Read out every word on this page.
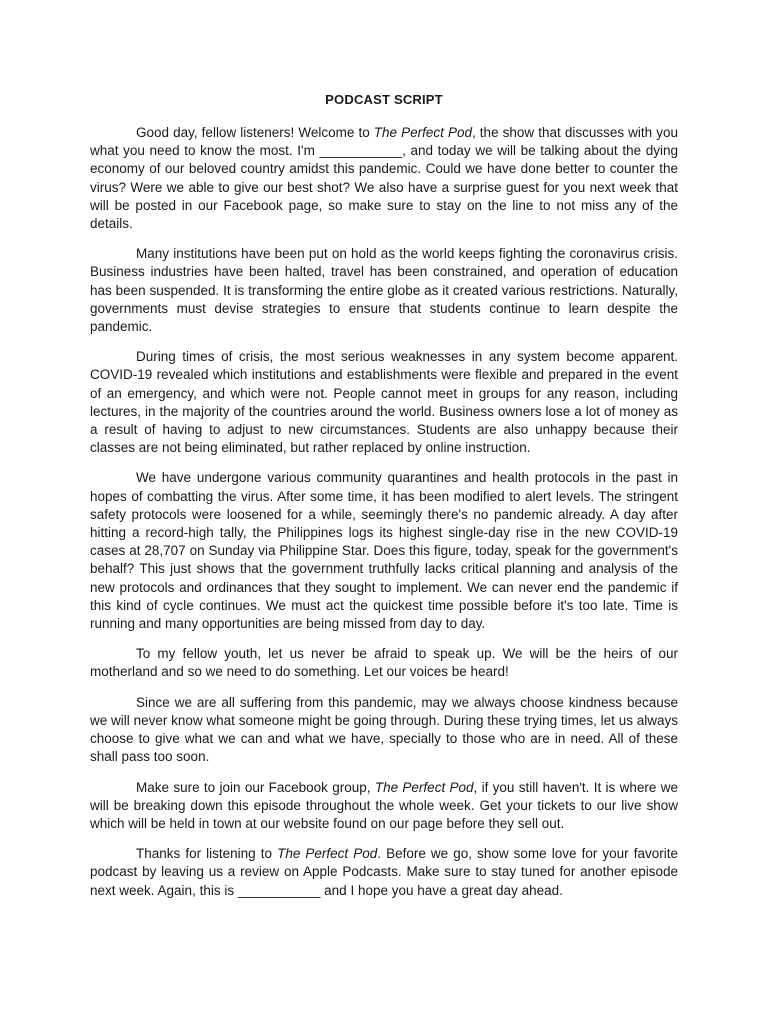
PODCAST SCRIPT

Good day, fellow listeners! Welcome to The Perfect Pod, the show that discusses with you what you need to know the most. I'm ___________, and today we will be talking about the dying economy of our beloved country amidst this pandemic. Could we have done better to counter the virus? Were we able to give our best shot? We also have a surprise guest for you next week that will be posted in our Facebook page, so make sure to stay on the line to not miss any of the details.

Many institutions have been put on hold as the world keeps fighting the coronavirus crisis. Business industries have been halted, travel has been constrained, and operation of education has been suspended. It is transforming the entire globe as it created various restrictions. Naturally, governments must devise strategies to ensure that students continue to learn despite the pandemic.

During times of crisis, the most serious weaknesses in any system become apparent. COVID-19 revealed which institutions and establishments were flexible and prepared in the event of an emergency, and which were not. People cannot meet in groups for any reason, including lectures, in the majority of the countries around the world. Business owners lose a lot of money as a result of having to adjust to new circumstances. Students are also unhappy because their classes are not being eliminated, but rather replaced by online instruction.

We have undergone various community quarantines and health protocols in the past in hopes of combatting the virus. After some time, it has been modified to alert levels. The stringent safety protocols were loosened for a while, seemingly there's no pandemic already. A day after hitting a record-high tally, the Philippines logs its highest single-day rise in the new COVID-19 cases at 28,707 on Sunday via Philippine Star. Does this figure, today, speak for the government's behalf? This just shows that the government truthfully lacks critical planning and analysis of the new protocols and ordinances that they sought to implement. We can never end the pandemic if this kind of cycle continues. We must act the quickest time possible before it's too late. Time is running and many opportunities are being missed from day to day.

To my fellow youth, let us never be afraid to speak up. We will be the heirs of our motherland and so we need to do something. Let our voices be heard!

Since we are all suffering from this pandemic, may we always choose kindness because we will never know what someone might be going through. During these trying times, let us always choose to give what we can and what we have, specially to those who are in need. All of these shall pass too soon.

Make sure to join our Facebook group, The Perfect Pod, if you still haven't. It is where we will be breaking down this episode throughout the whole week. Get your tickets to our live show which will be held in town at our website found on our page before they sell out.

Thanks for listening to The Perfect Pod. Before we go, show some love for your favorite podcast by leaving us a review on Apple Podcasts. Make sure to stay tuned for another episode next week. Again, this is ___________ and I hope you have a great day ahead.
